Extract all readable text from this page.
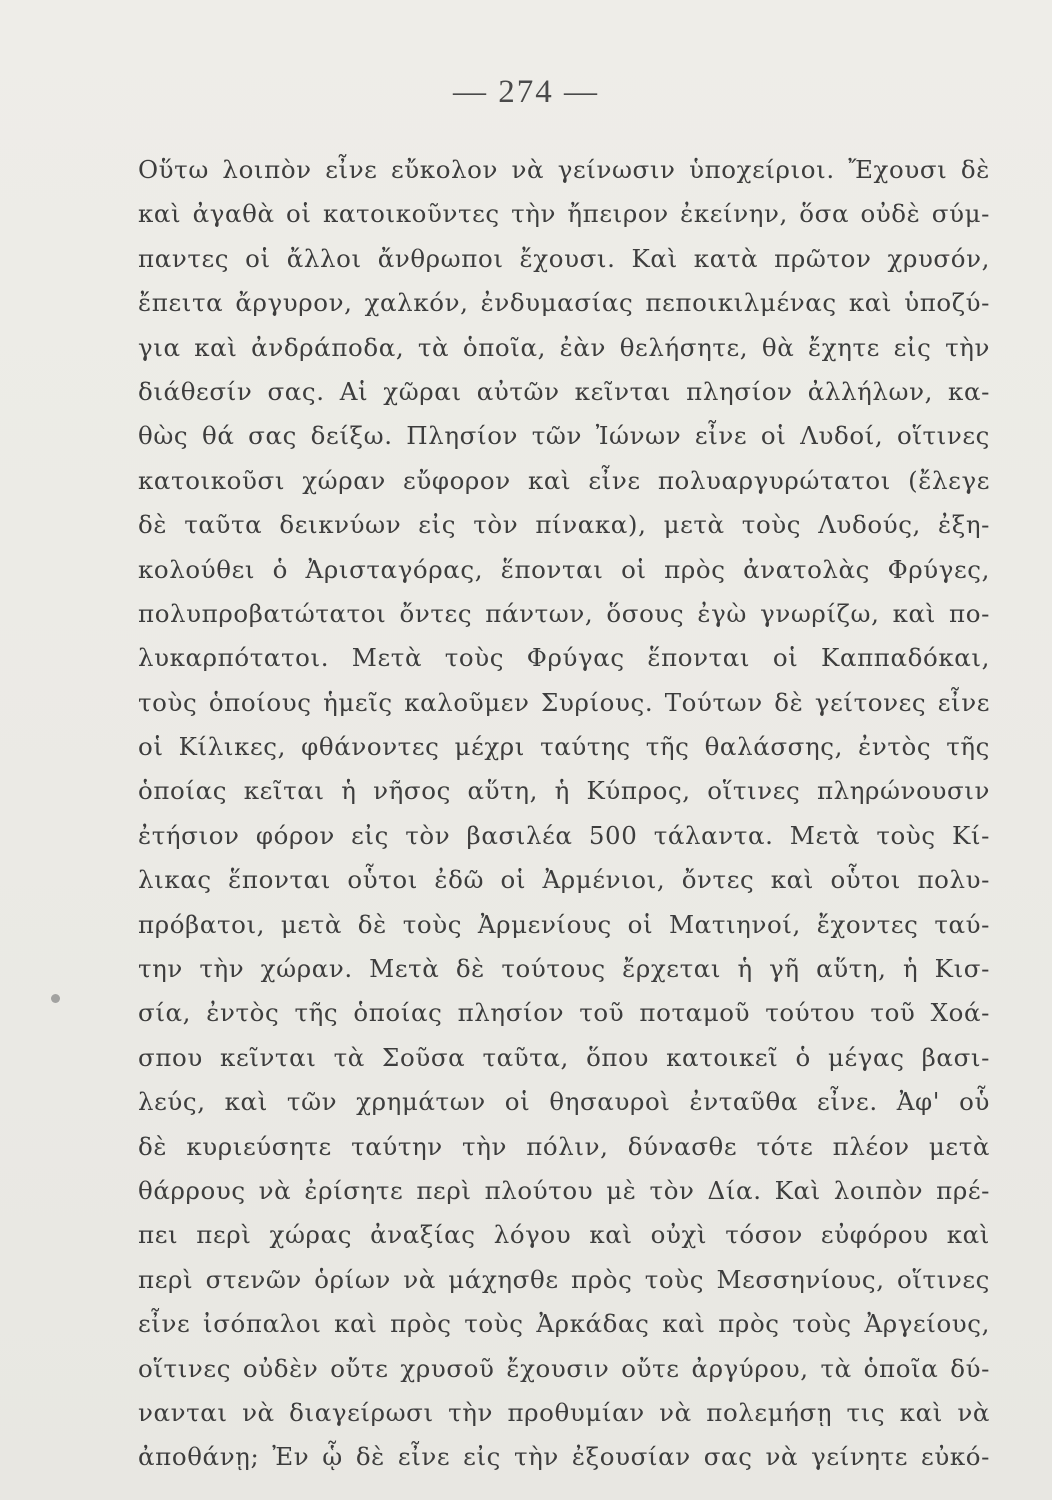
— 274 —
Οὕτω λοιπὸν εἶνε εὔκολον νὰ γείνωσιν ὑποχείριοι. Ἔχουσι δὲ
καὶ ἀγαθὰ οἱ κατοικοῦντες τὴν ἤπειρον ἐκείνην, ὅσα οὐδὲ σύμ-
παντες οἱ ἄλλοι ἄνθρωποι ἔχουσι. Καὶ κατὰ πρῶτον χρυσόν,
ἔπειτα ἄργυρον, χαλκόν, ἐνδυμασίας πεποικιλμένας καὶ ὑποζύ-
για καὶ ἀνδράποδα, τὰ ὁποῖα, ἐὰν θελήσητε, θὰ ἔχητε εἰς τὴν
διάθεσίν σας. Αἱ χῶραι αὐτῶν κεῖνται πλησίον ἀλλήλων, κα-
θὼς θά σας δείξω. Πλησίον τῶν Ἰώνων εἶνε οἱ Λυδοί, οἵτινες
κατοικοῦσι χώραν εὔφορον καὶ εἶνε πολυαργυρώτατοι (ἔλεγε
δὲ ταῦτα δεικνύων εἰς τὸν πίνακα), μετὰ τοὺς Λυδούς, ἐξη-
κολούθει ὁ Ἀρισταγόρας, ἕπονται οἱ πρὸς ἀνατολὰς Φρύγες,
πολυπροβατώτατοι ὄντες πάντων, ὅσους ἐγὼ γνωρίζω, καὶ πο-
λυκαρπότατοι. Μετὰ τοὺς Φρύγας ἕπονται οἱ Καππαδόκαι,
τοὺς ὁποίους ἡμεῖς καλοῦμεν Συρίους. Τούτων δὲ γείτονες εἶνε
οἱ Κίλικες, φθάνοντες μέχρι ταύτης τῆς θαλάσσης, ἐντὸς τῆς
ὁποίας κεῖται ἡ νῆσος αὕτη, ἡ Κύπρος, οἵτινες πληρώνουσιν
ἐτήσιον φόρον εἰς τὸν βασιλέα 500 τάλαντα. Μετὰ τοὺς Κί-
λικας ἕπονται οὗτοι ἐδῶ οἱ Ἀρμένιοι, ὄντες καὶ οὗτοι πολυ-
πρόβατοι, μετὰ δὲ τοὺς Ἀρμενίους οἱ Ματιηνοί, ἔχοντες ταύ-
την τὴν χώραν. Μετὰ δὲ τούτους ἔρχεται ἡ γῆ αὕτη, ἡ Κισ-
σία, ἐντὸς τῆς ὁποίας πλησίον τοῦ ποταμοῦ τούτου τοῦ Χοά-
σπου κεῖνται τὰ Σοῦσα ταῦτα, ὅπου κατοικεῖ ὁ μέγας βασι-
λεύς, καὶ τῶν χρημάτων οἱ θησαυροὶ ἐνταῦθα εἶνε. Ἀφ' οὗ
δὲ κυριεύσητε ταύτην τὴν πόλιν, δύνασθε τότε πλέον μετὰ
θάρρους νὰ ἐρίσητε περὶ πλούτου μὲ τὸν Δία. Καὶ λοιπὸν πρέ-
πει περὶ χώρας ἀναξίας λόγου καὶ οὐχὶ τόσον εὐφόρου καὶ
περὶ στενῶν ὁρίων νὰ μάχησθε πρὸς τοὺς Μεσσηνίους, οἵτινες
εἶνε ἰσόπαλοι καὶ πρὸς τοὺς Ἀρκάδας καὶ πρὸς τοὺς Ἀργείους,
οἵτινες οὐδὲν οὔτε χρυσοῦ ἔχουσιν οὔτε ἀργύρου, τὰ ὁποῖα δύ-
νανται νὰ διαγείρωσι τὴν προθυμίαν νὰ πολεμήσῃ τις καὶ νὰ
ἀποθάνῃ; Ἐν ᾧ δὲ εἶνε εἰς τὴν ἐξουσίαν σας νὰ γείνητε εὐκό-
